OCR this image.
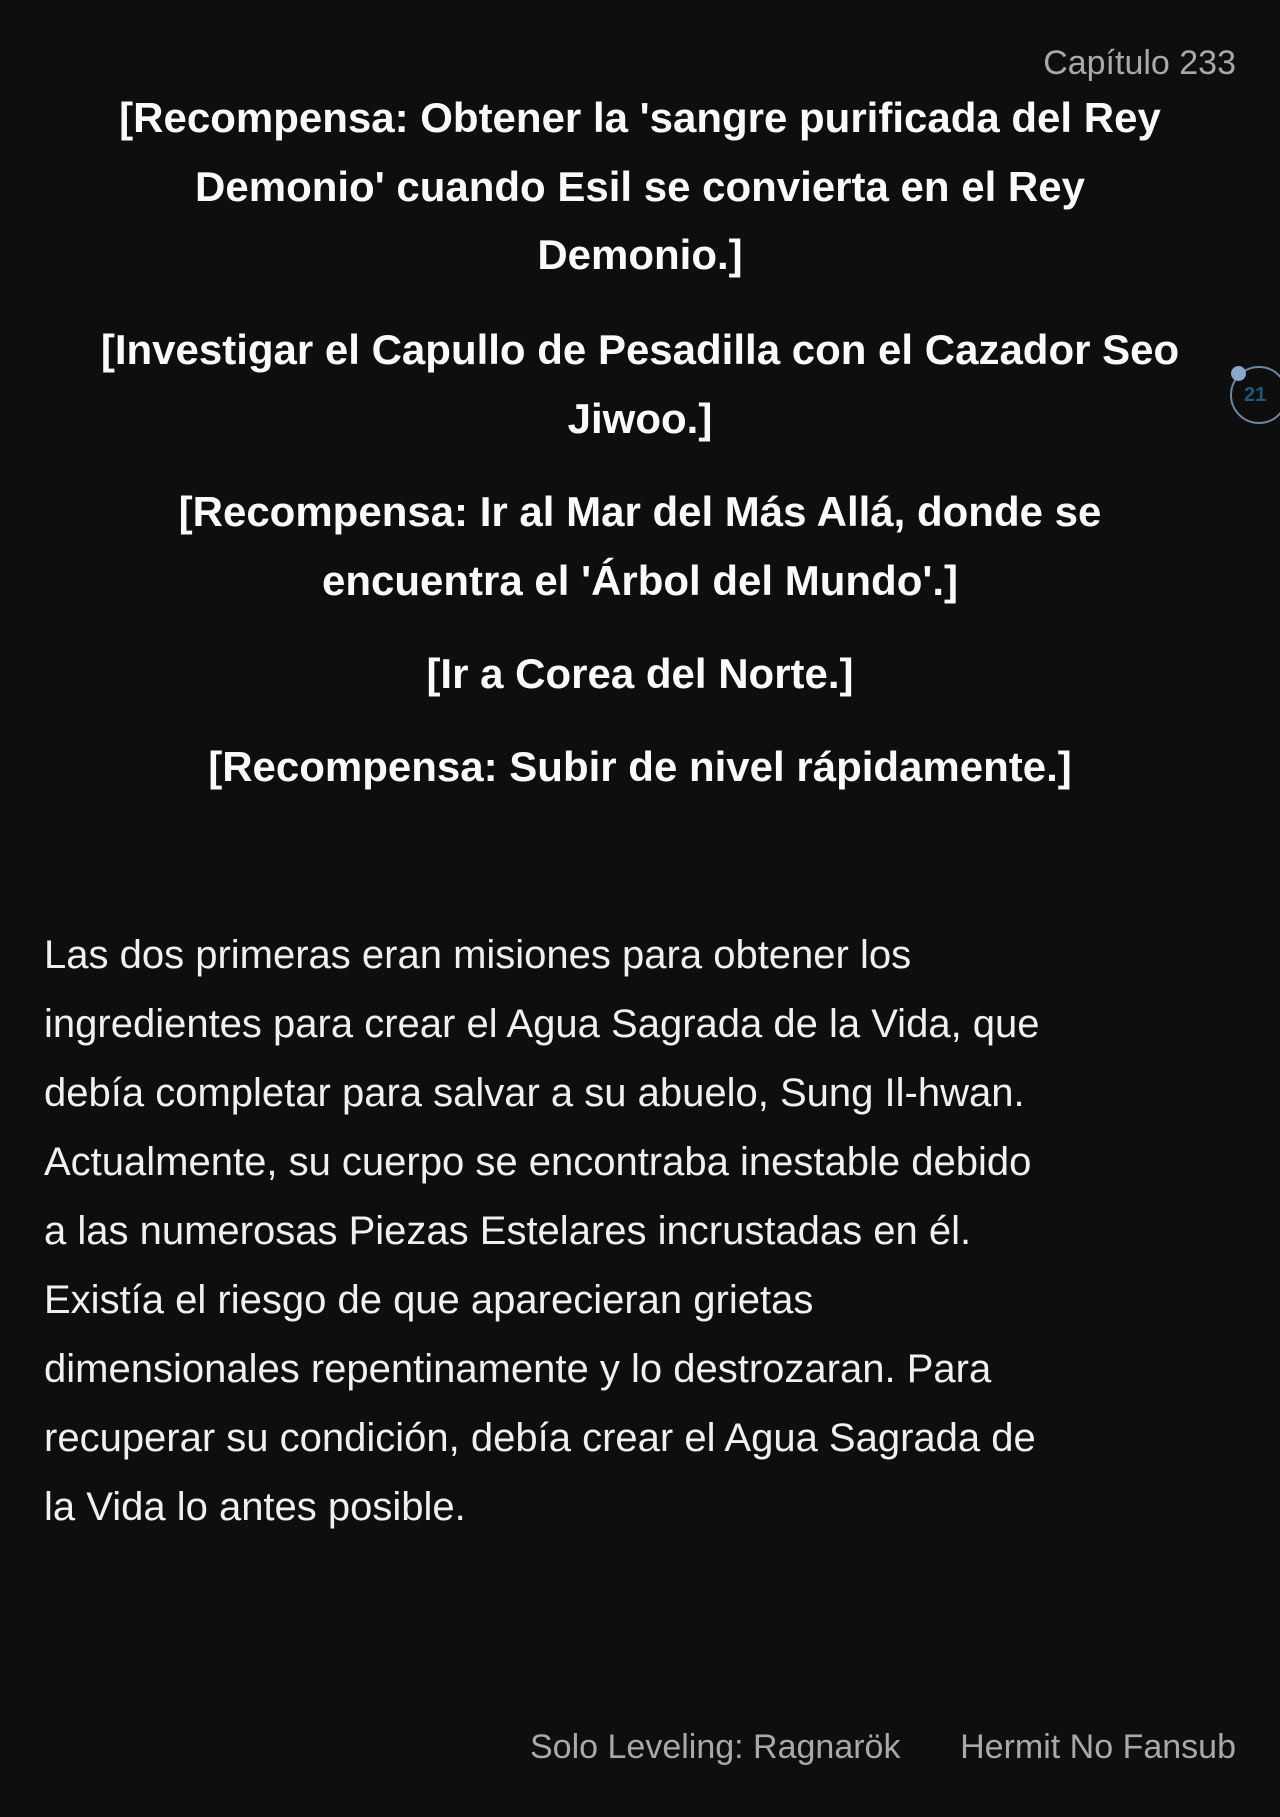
Capítulo 233
[Recompensa: Obtener la 'sangre purificada del Rey
Demonio' cuando Esil se convierta en el Rey
Demonio.]
[Investigar el Capullo de Pesadilla con el Cazador Seo
Jiwoo.]
[Recompensa: Ir al Mar del Más Allá, donde se
encuentra el 'Árbol del Mundo'.]
[Ir a Corea del Norte.]
[Recompensa: Subir de nivel rápidamente.]
Las dos primeras eran misiones para obtener los
ingredientes para crear el Agua Sagrada de la Vida, que
debía completar para salvar a su abuelo, Sung Il-hwan.
Actualmente, su cuerpo se encontraba inestable debido
a las numerosas Piezas Estelares incrustadas en él.
Existía el riesgo de que aparecieran grietas
dimensionales repentinamente y lo destrozaran. Para
recuperar su condición, debía crear el Agua Sagrada de
la Vida lo antes posible.
21
Solo Leveling: Ragnarök Hermit No Fansub
